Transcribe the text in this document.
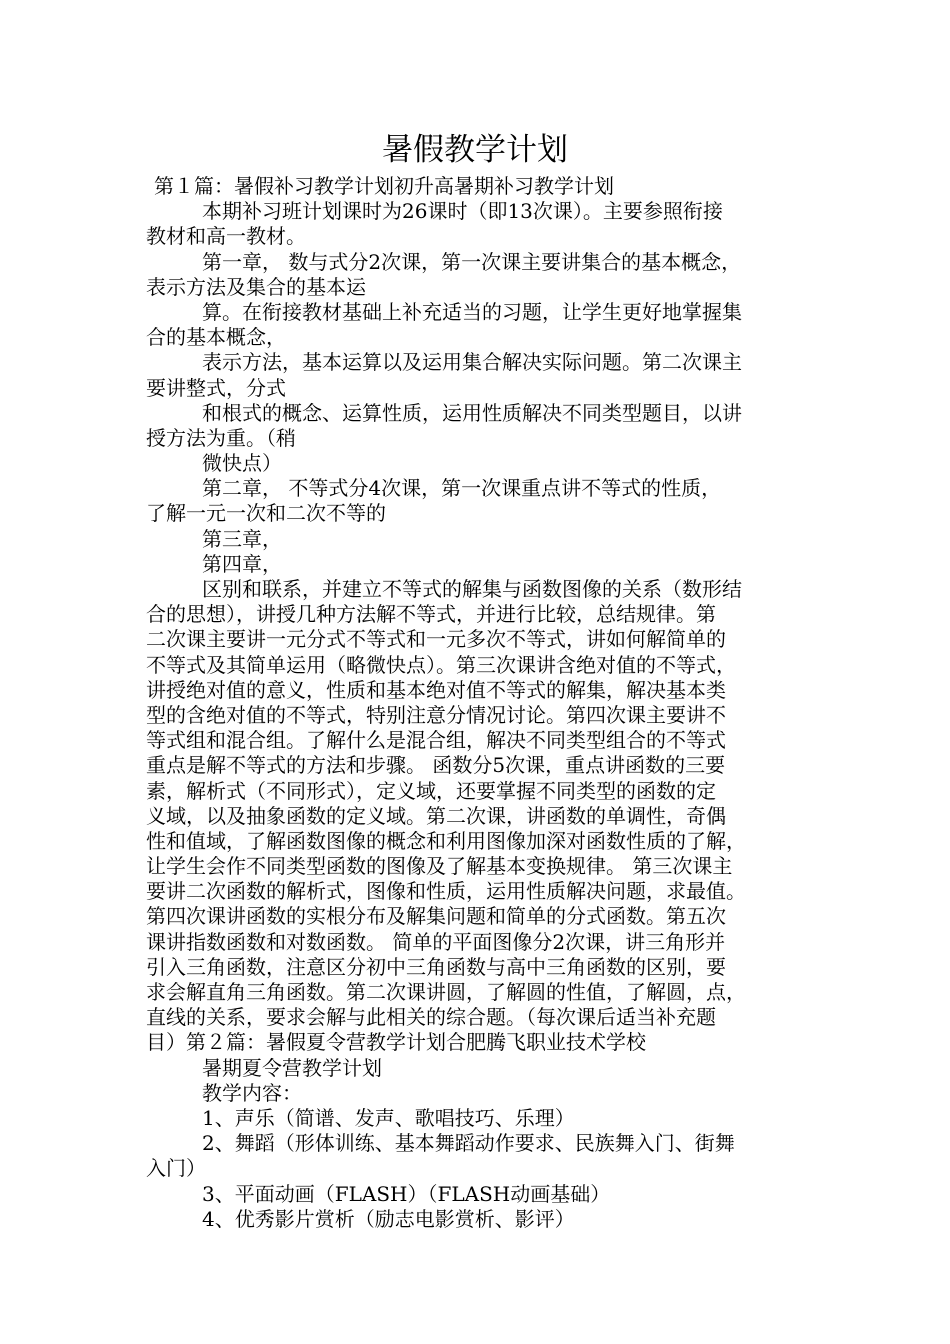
暑假教学计划
第１篇：暑假补习教学计划初升高暑期补习教学计划
本期补习班计划课时为26课时（即13次课）。主要参照衔接
教材和高一教材。
第一章， 数与式分2次课，第一次课主要讲集合的基本概念，
表示方法及集合的基本运
算。在衔接教材基础上补充适当的习题，让学生更好地掌握集
合的基本概念，
表示方法，基本运算以及运用集合解决实际问题。第二次课主
要讲整式，分式
和根式的概念、运算性质，运用性质解决不同类型题目，以讲
授方法为重。（稍
微快点）
第二章， 不等式分4次课，第一次课重点讲不等式的性质，
了解一元一次和二次不等的
第三章，
第四章，
区别和联系，并建立不等式的解集与函数图像的关系（数形结
合的思想），讲授几种方法解不等式，并进行比较，总结规律。第
二次课主要讲一元分式不等式和一元多次不等式，讲如何解简单的
不等式及其简单运用（略微快点）。第三次课讲含绝对值的不等式，
讲授绝对值的意义，性质和基本绝对值不等式的解集，解决基本类
型的含绝对值的不等式，特别注意分情况讨论。第四次课主要讲不
等式组和混合组。了解什么是混合组，解决不同类型组合的不等式
重点是解不等式的方法和步骤。 函数分5次课，重点讲函数的三要
素，解析式（不同形式），定义域，还要掌握不同类型的函数的定
义域，以及抽象函数的定义域。第二次课，讲函数的单调性，奇偶
性和值域，了解函数图像的概念和利用图像加深对函数性质的了解，
让学生会作不同类型函数的图像及了解基本变换规律。 第三次课主
要讲二次函数的解析式，图像和性质，运用性质解决问题，求最值。
第四次课讲函数的实根分布及解集问题和简单的分式函数。第五次
课讲指数函数和对数函数。 简单的平面图像分2次课，讲三角形并
引入三角函数，注意区分初中三角函数与高中三角函数的区别，要
求会解直角三角函数。第二次课讲圆，了解圆的性值，了解圆，点，
直线的关系，要求会解与此相关的综合题。（每次课后适当补充题
目）第２篇：暑假夏令营教学计划合肥腾飞职业技术学校
暑期夏令营教学计划
教学内容：
1、声乐（简谱、发声、歌唱技巧、乐理）
2、舞蹈（形体训练、基本舞蹈动作要求、民族舞入门、街舞
入门）
3、平面动画（FLASH）（FLASH动画基础）
4、优秀影片赏析（励志电影赏析、影评）
